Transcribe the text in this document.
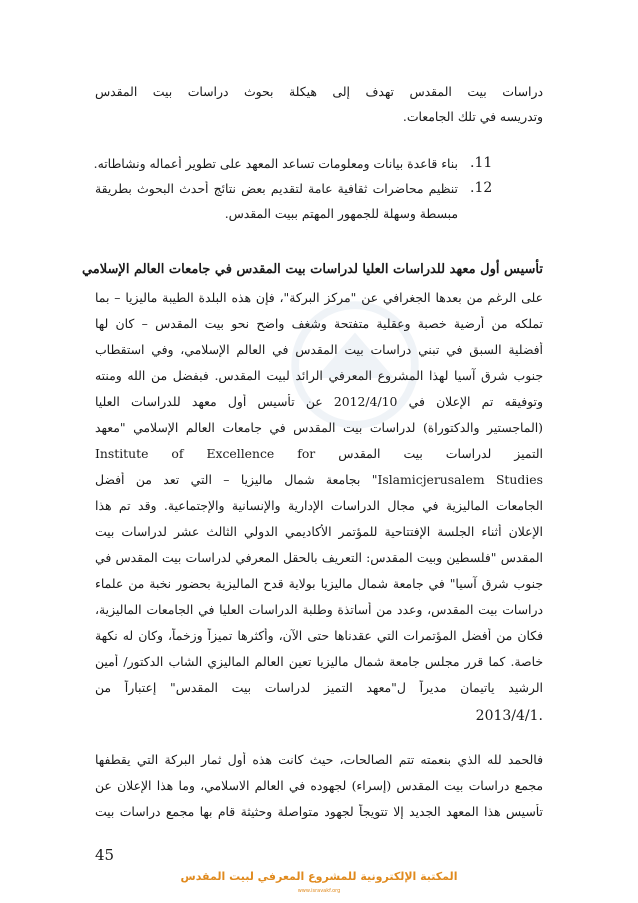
دراسات بيت المقدس تهدف إلى هيكلة بحوث دراسات بيت المقدس
وتدريسه في تلك الجامعات.
.11
بناء قاعدة بيانات ومعلومات تساعد المعهد على تطوير أعماله ونشاطاته.
.12
تنظيم محاضرات ثقافية عامة لتقديم بعض نتائج أحدث البحوث بطريقة
مبسطة وسهلة للجمهور المهتم ببيت المقدس.
تأسيس أول معهد للدراسات العليا لدراسات بيت المقدس في جامعات العالم الإسلامي
على الرغم من بعدها الجغرافي عن "مركز البركة"، فإن هذه البلدة الطيبة ماليزيا – بما
تملكه من أرضية خصبة وعقلية متفتحة وشغف واضح نحو بيت المقدس – كان لها
أفضلية السبق في تبني دراسات بيت المقدس في العالم الإسلامي، وفي استقطاب
جنوب شرق آسيا لهذا المشروع المعرفي الرائد لبيت المقدس. فبفضل من الله ومنته
وتوفيقه تم الإعلان في 2012/4/10 عن تأسيس أول معهد للدراسات العليا
(الماجستير والدكتوراة) لدراسات بيت المقدس في جامعات العالم الإسلامي "معهد
التميز لدراسات بيت المقدس Institute of Excellence for
Islamicjerusalem Studies" بجامعة شمال ماليزيا – التي تعد من أفضل
الجامعات الماليزية في مجال الدراسات الإدارية والإنسانية والإجتماعية. وقد تم هذا
الإعلان أثناء الجلسة الإفتتاحية للمؤتمر الأكاديمي الدولي الثالث عشر لدراسات بيت
المقدس "فلسطين وبيت المقدس: التعريف بالحقل المعرفي لدراسات بيت المقدس في
جنوب شرق آسيا" في جامعة شمال ماليزيا بولاية قدح الماليزية بحضور نخبة من علماء
دراسات بيت المقدس، وعدد من أساتذة وطلبة الدراسات العليا في الجامعات الماليزية،
فكان من أفضل المؤتمرات التي عقدناها حتى الآن، وأكثرها تميزاً وزخماً، وكان له نكهة
خاصة. كما قرر مجلس جامعة شمال ماليزيا تعين العالم الماليزي الشاب الدكتور/ أمين
الرشيد ياتيمان مديراً ل"معهد التميز لدراسات بيت المقدس" إعتباراً من
.2013/4/1
فالحمد لله الذي بنعمته تتم الصالحات، حيث كانت هذه أول ثمار البركة التي يقطفها
مجمع دراسات بيت المقدس (إسراء) لجهوده في العالم الاسلامي، وما هذا الإعلان عن
تأسيس هذا المعهد الجديد إلا تتويجاً لجهود متواصلة وحثيثة قام بها مجمع دراسات بيت
45
المكتبة الإلكترونية للمشروع المعرفي لبيت المقدس
www.isravakf.org
